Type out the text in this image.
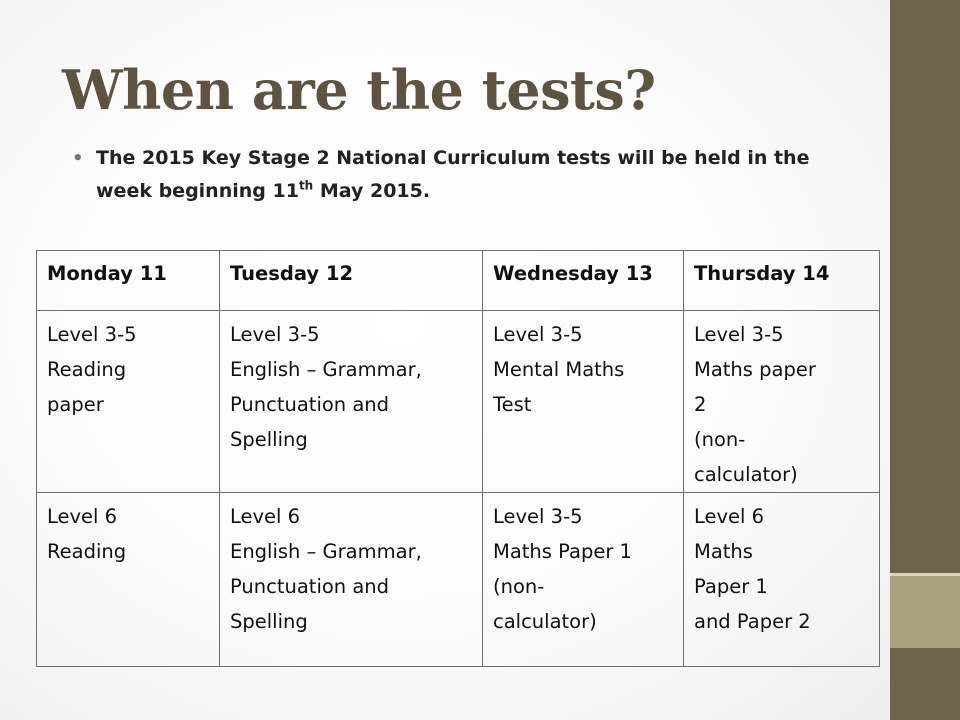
When are the tests?
• The 2015 Key Stage 2 National Curriculum tests will be held in the week beginning 11th May 2015.
Monday 11	Tuesday 12	Wednesday 13	Thursday 14

Level 3-5
Reading
paper	Level 3-5
English – Grammar,
Punctuation and
Spelling	Level 3-5
Mental Maths
Test	Level 3-5
Maths paper
2
(non-
calculator)

Level 6
Reading	Level 6
English – Grammar,
Punctuation and
Spelling	Level 3-5
Maths Paper 1
(non-
calculator)	Level 6
Maths
Paper 1
and Paper 2
